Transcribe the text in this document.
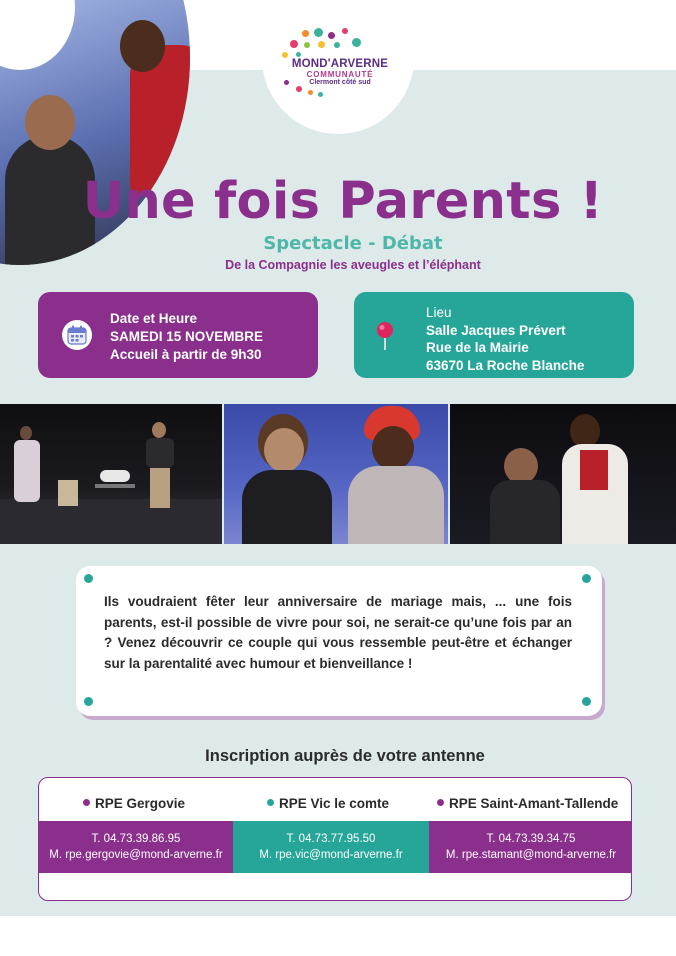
MOND'ARVERNE
COMMUNAUTÉ
Clermont côté sud
Une fois Parents !
Spectacle - Débat
De la Compagnie les aveugles et l’éléphant
Date et Heure
SAMEDI 15 NOVEMBRE
Accueil à partir de 9h30
Lieu
Salle Jacques Prévert
Rue de la Mairie
63670 La Roche Blanche
Ils voudraient fêter leur anniversaire de mariage mais, ... une fois parents, est-il possible de vivre pour soi, ne serait-ce qu’une fois par an ? Venez découvrir ce couple qui vous ressemble peut-être et échanger sur la parentalité avec humour et bienveillance !
Inscription auprès de votre antenne
RPE Gergovie	RPE Vic le comte	RPE Saint-Amant-Tallende
T. 04.73.39.86.95
M. rpe.gergovie@mond-arverne.fr
T. 04.73.77.95.50
M. rpe.vic@mond-arverne.fr
T. 04.73.39.34.75
M. rpe.stamant@mond-arverne.fr
